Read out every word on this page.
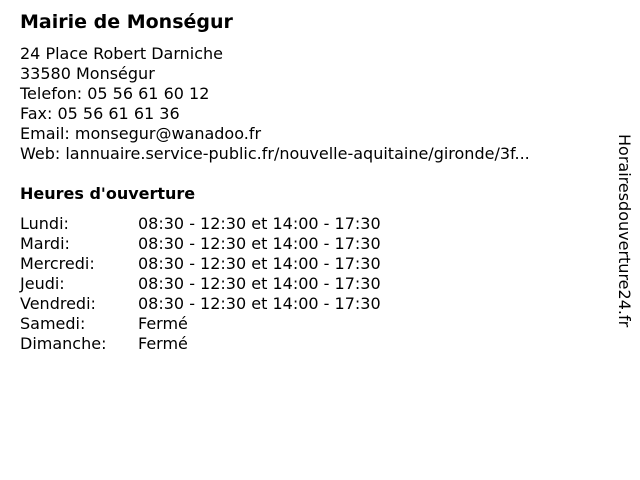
Mairie de Monségur
24 Place Robert Darniche
33580 Monségur
Telefon: 05 56 61 60 12
Fax: 05 56 61 61 36
Email: monsegur@wanadoo.fr
Web: lannuaire.service-public.fr/nouvelle-aquitaine/gironde/3f...
Heures d'ouverture
Lundi:	08:30 - 12:30 et 14:00 - 17:30
Mardi:	08:30 - 12:30 et 14:00 - 17:30
Mercredi:	08:30 - 12:30 et 14:00 - 17:30
Jeudi:	08:30 - 12:30 et 14:00 - 17:30
Vendredi:	08:30 - 12:30 et 14:00 - 17:30
Samedi:	Fermé
Dimanche: Fermé
Horairesdouverture24.fr
